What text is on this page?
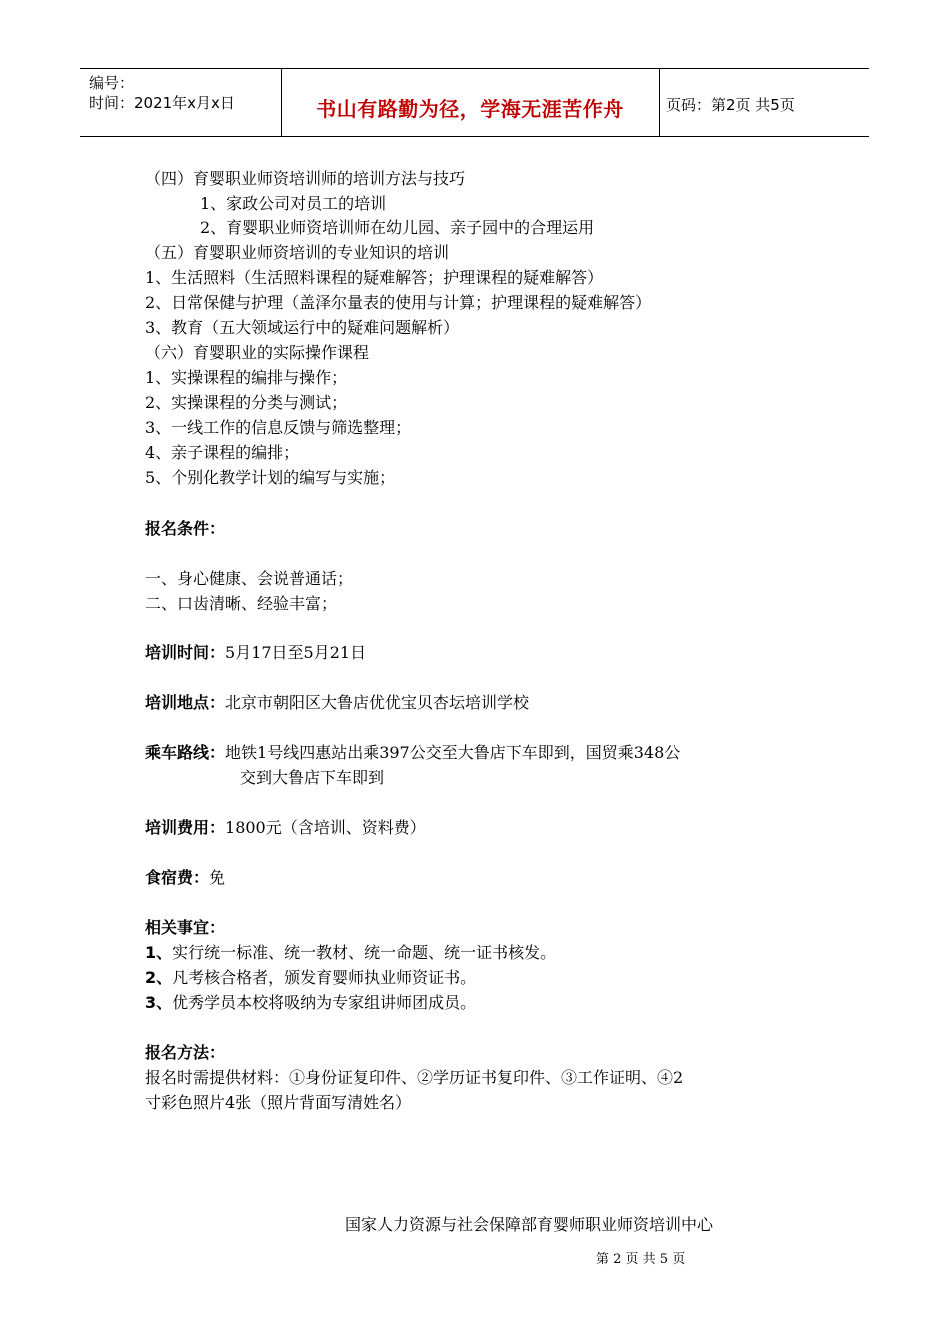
编号：
时间：2021年x月x日	书山有路勤为径，学海无涯苦作舟	页码：第2页 共5页
（四）育婴职业师资培训师的培训方法与技巧
1、家政公司对员工的培训
2、育婴职业师资培训师在幼儿园、亲子园中的合理运用
（五）育婴职业师资培训的专业知识的培训
1、生活照料（生活照料课程的疑难解答；护理课程的疑难解答）
2、日常保健与护理（盖泽尔量表的使用与计算；护理课程的疑难解答）
3、教育（五大领域运行中的疑难问题解析）
（六）育婴职业的实际操作课程
1、实操课程的编排与操作；
2、实操课程的分类与测试；
3、一线工作的信息反馈与筛选整理；
4、亲子课程的编排；
5、个别化教学计划的编写与实施；
报名条件：
一、身心健康、会说普通话；
二、口齿清晰、经验丰富；
培训时间：5月17日至5月21日
培训地点：北京市朝阳区大鲁店优优宝贝杏坛培训学校
乘车路线：地铁1号线四惠站出乘397公交至大鲁店下车即到，国贸乘348公
交到大鲁店下车即到
培训费用：1800元（含培训、资料费）
食宿费：免
相关事宜：
1、实行统一标准、统一教材、统一命题、统一证书核发。
2、凡考核合格者，颁发育婴师执业师资证书。
3、优秀学员本校将吸纳为专家组讲师团成员。
报名方法：
报名时需提供材料：①身份证复印件、②学历证书复印件、③工作证明、④2
寸彩色照片4张（照片背面写清姓名）
国家人力资源与社会保障部育婴师职业师资培训中心
第 2 页 共 5 页
